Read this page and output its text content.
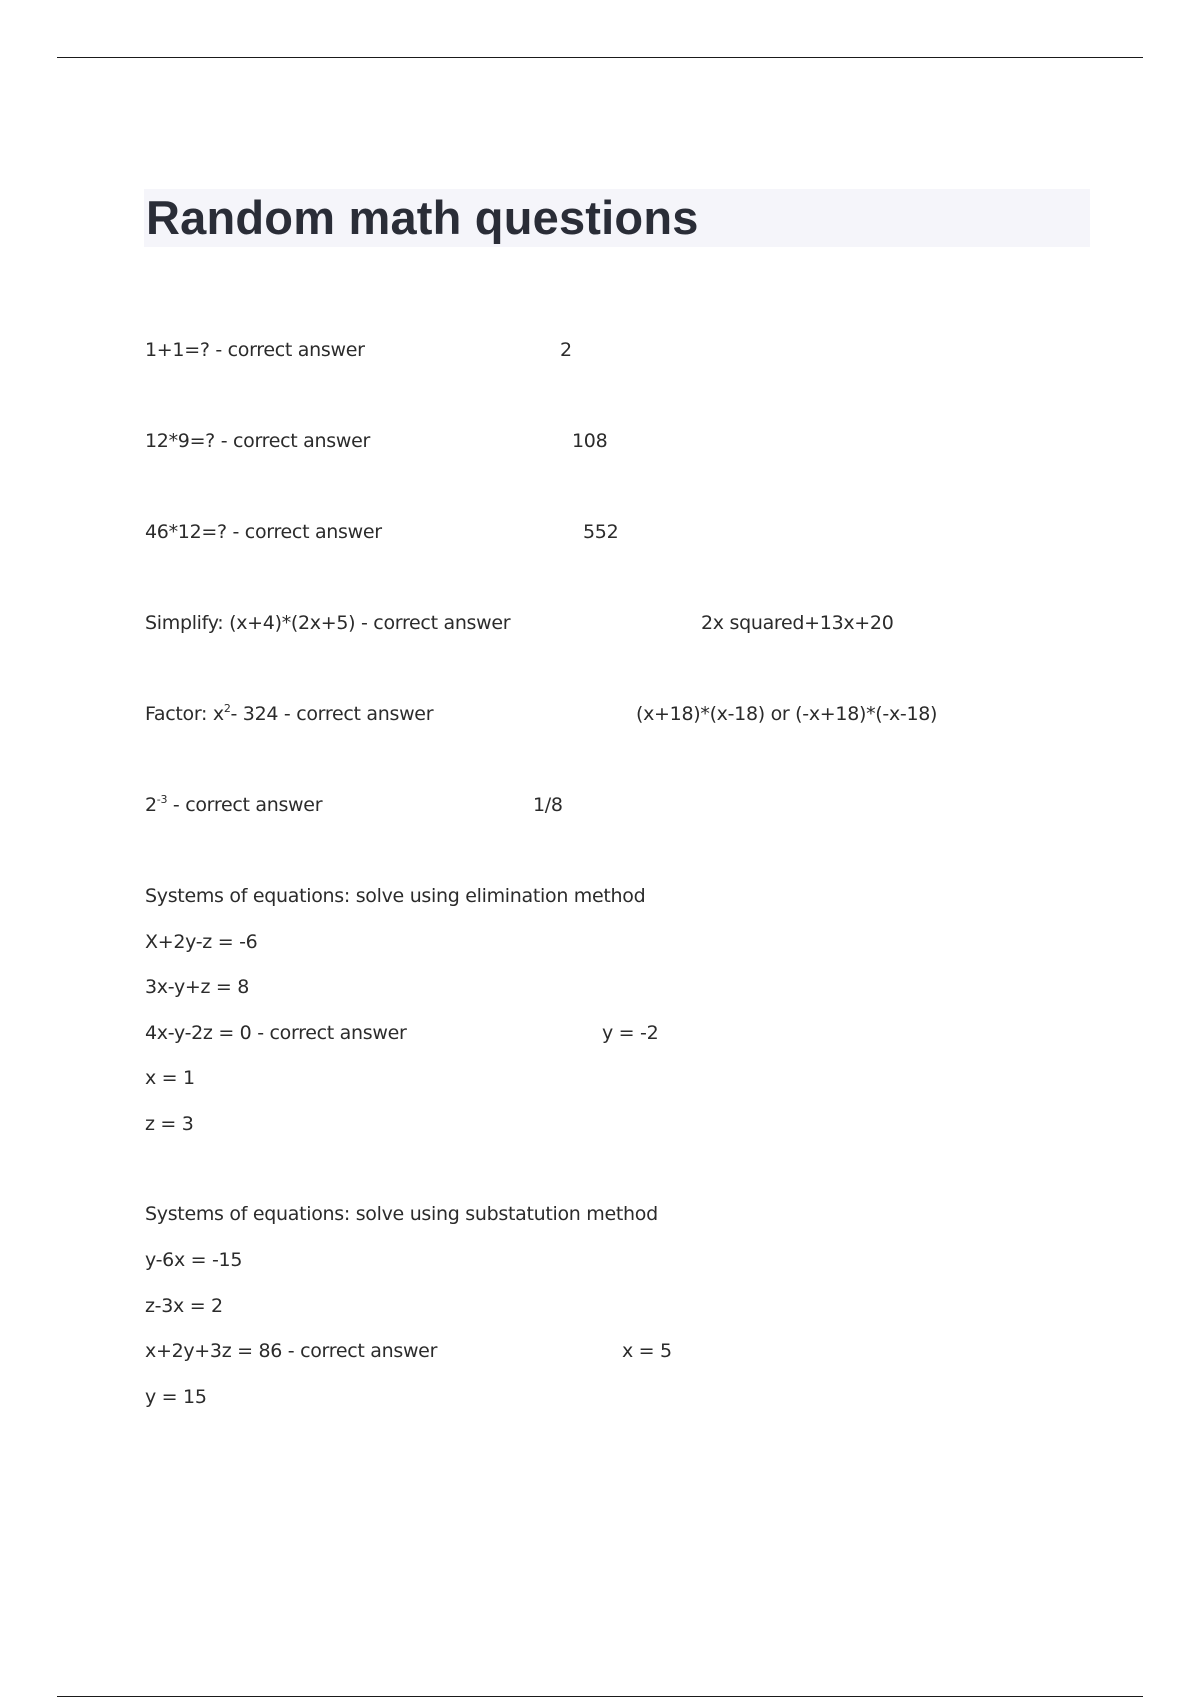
Random math questions
1+1=? - correct answer	2
12*9=? - correct answer	108
46*12=? - correct answer	552
Simplify: (x+4)*(2x+5) - correct answer	2x squared+13x+20
Factor: $x^2-$ 324 - correct answer	(x+18)*(x-18) or (-x+18)*(-x-18)
$2^{-3}$ - correct answer	1/8
Systems of equations: solve using elimination method
X+2y-z = -6
3x-y+z = 8
4x-y-2z = 0 - correct answer	y = -2
x = 1
z = 3
Systems of equations: solve using substatution method
y-6x = -15
z-3x = 2
x+2y+3z = 86 - correct answer	x = 5
y = 15
